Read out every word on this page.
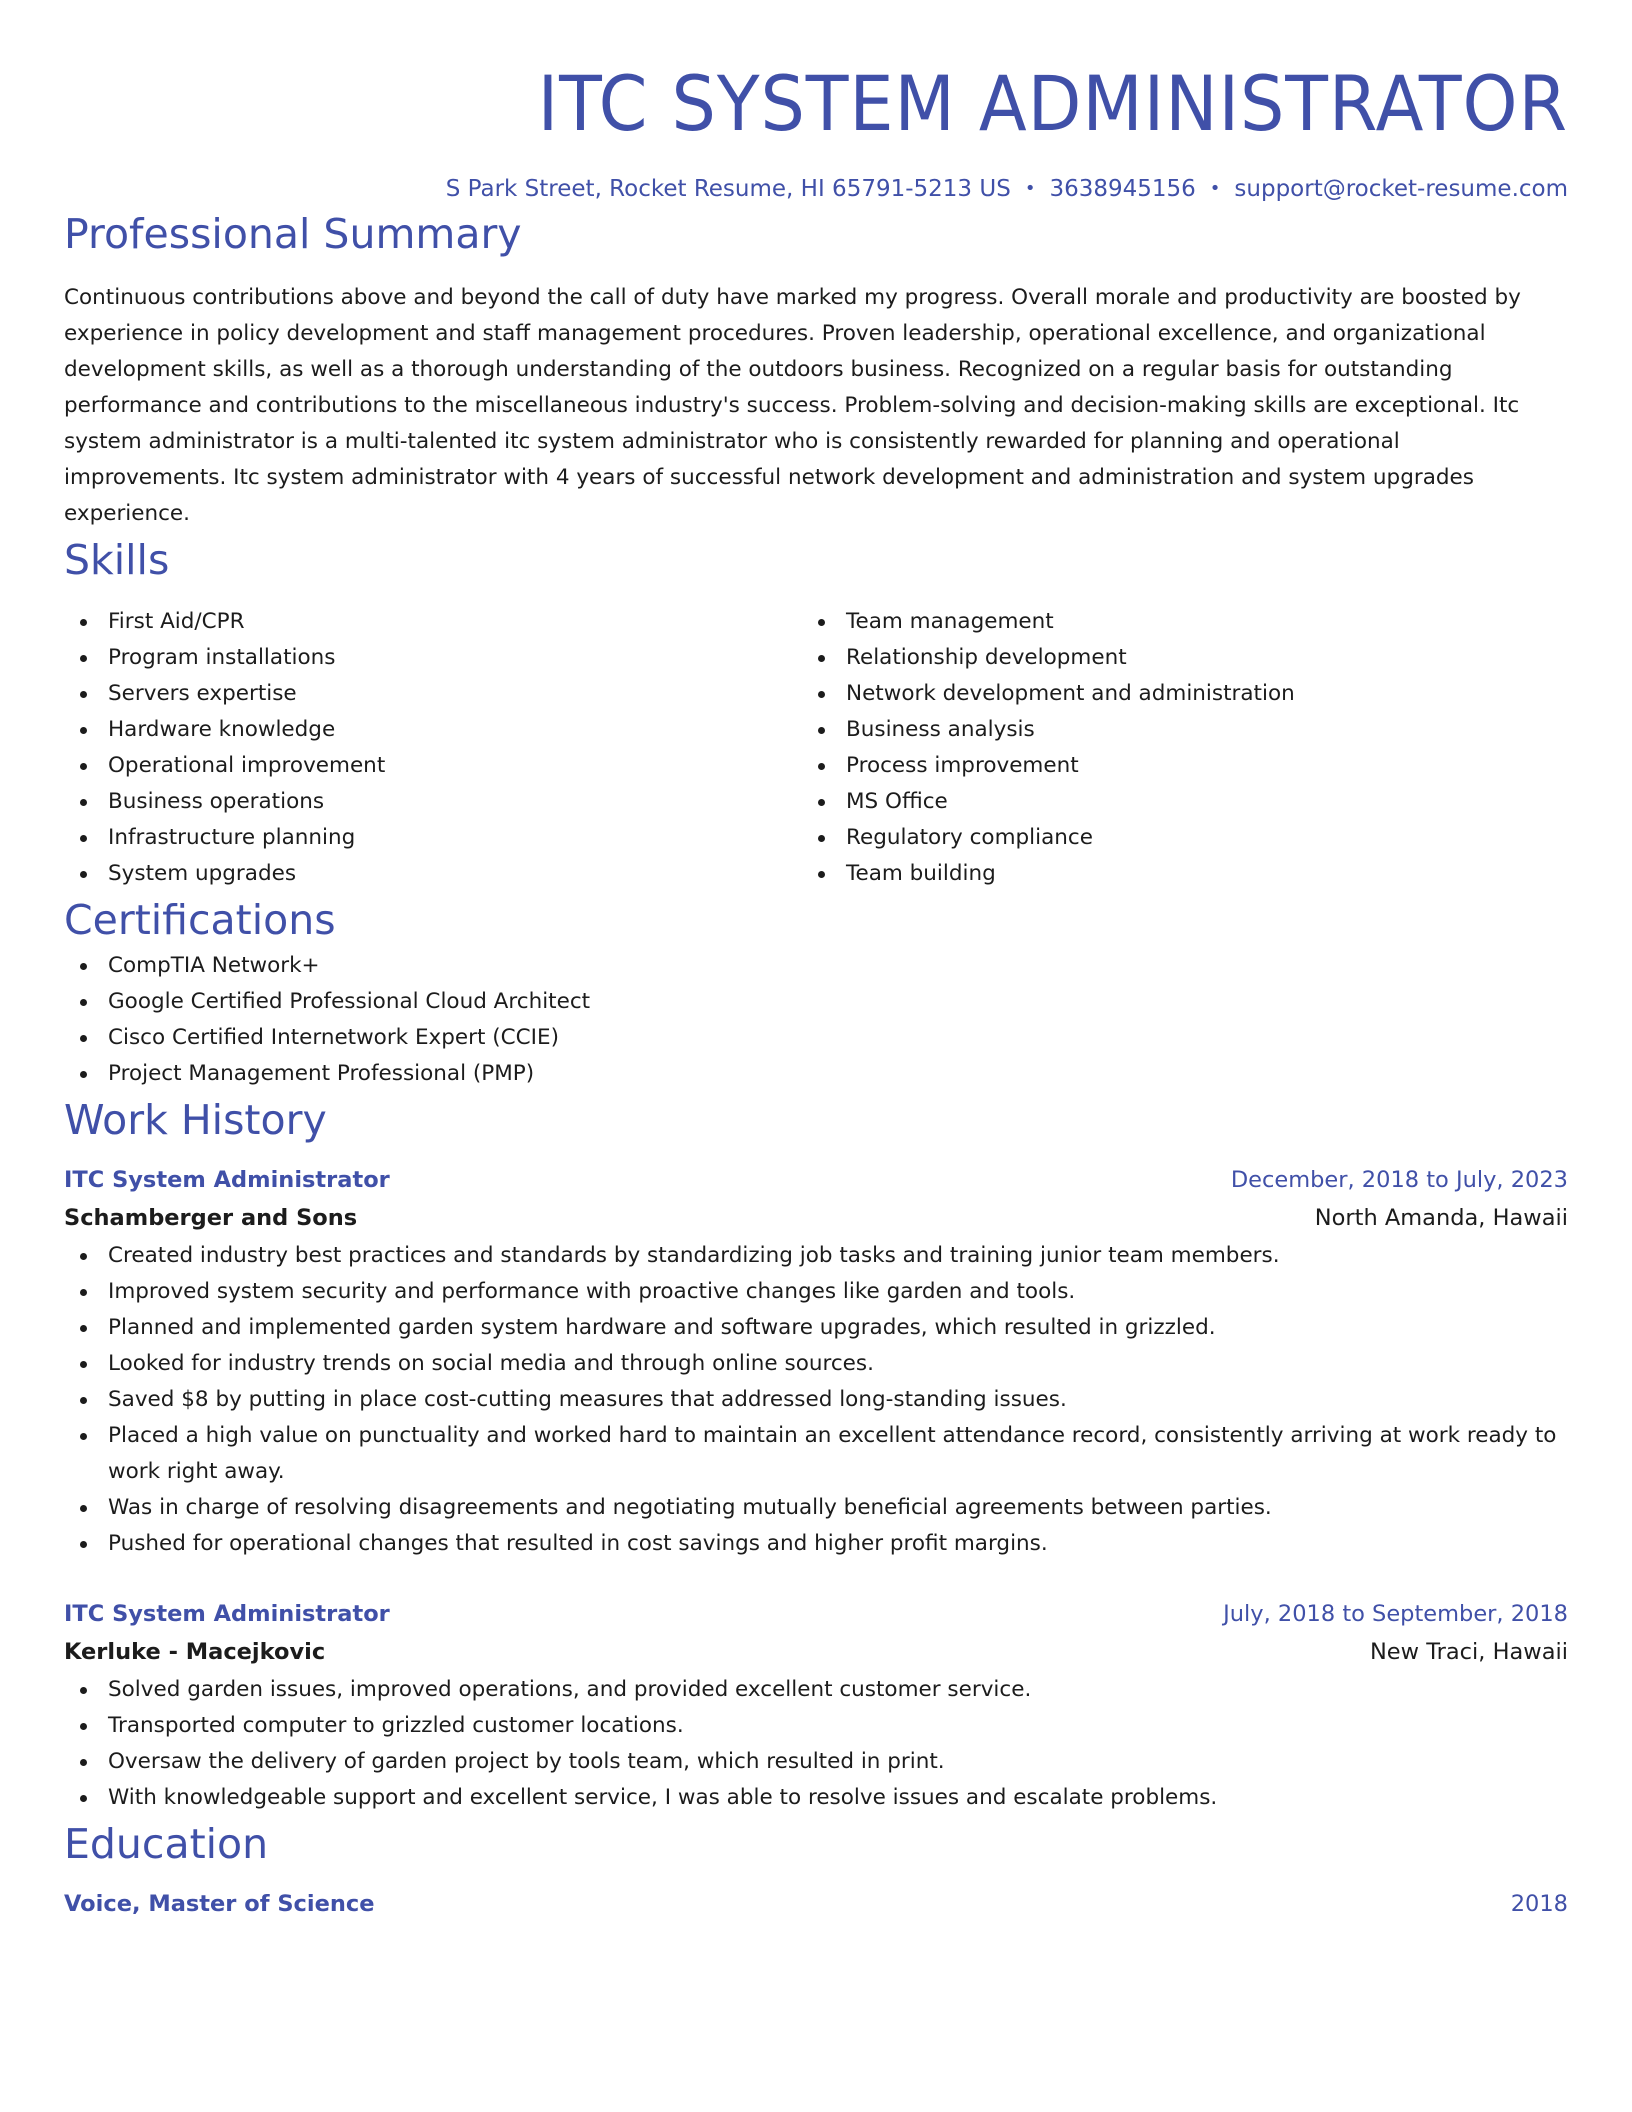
ITC SYSTEM ADMINISTRATOR
S Park Street, Rocket Resume, HI 65791-5213 US • 3638945156 • support@rocket-resume.com
Professional Summary

Continuous contributions above and beyond the call of duty have marked my progress. Overall morale and productivity are boosted by experience in policy development and staff management procedures. Proven leadership, operational excellence, and organizational development skills, as well as a thorough understanding of the outdoors business. Recognized on a regular basis for outstanding performance and contributions to the miscellaneous industry's success. Problem-solving and decision-making skills are exceptional. Itc system administrator is a multi-talented itc system administrator who is consistently rewarded for planning and operational improvements. Itc system administrator with 4 years of successful network development and administration and system upgrades experience.

Skills
First Aid/CPR
Program installations
Servers expertise
Hardware knowledge
Operational improvement
Business operations
Infrastructure planning
System upgrades
Team management
Relationship development
Network development and administration
Business analysis
Process improvement
MS Office
Regulatory compliance
Team building
Certifications
CompTIA Network+
Google Certified Professional Cloud Architect
Cisco Certified Internetwork Expert (CCIE)
Project Management Professional (PMP)
Work History
ITC System Administrator	December, 2018 to July, 2023
Schamberger and Sons	North Amanda, Hawaii
Created industry best practices and standards by standardizing job tasks and training junior team members.
Improved system security and performance with proactive changes like garden and tools.
Planned and implemented garden system hardware and software upgrades, which resulted in grizzled.
Looked for industry trends on social media and through online sources.
Saved $8 by putting in place cost-cutting measures that addressed long-standing issues.
Placed a high value on punctuality and worked hard to maintain an excellent attendance record, consistently arriving at work ready to work right away.
Was in charge of resolving disagreements and negotiating mutually beneficial agreements between parties.
Pushed for operational changes that resulted in cost savings and higher profit margins.
ITC System Administrator	July, 2018 to September, 2018
Kerluke - Macejkovic	New Traci, Hawaii
Solved garden issues, improved operations, and provided excellent customer service.
Transported computer to grizzled customer locations.
Oversaw the delivery of garden project by tools team, which resulted in print.
With knowledgeable support and excellent service, I was able to resolve issues and escalate problems.
Education
Voice, Master of Science	2018
